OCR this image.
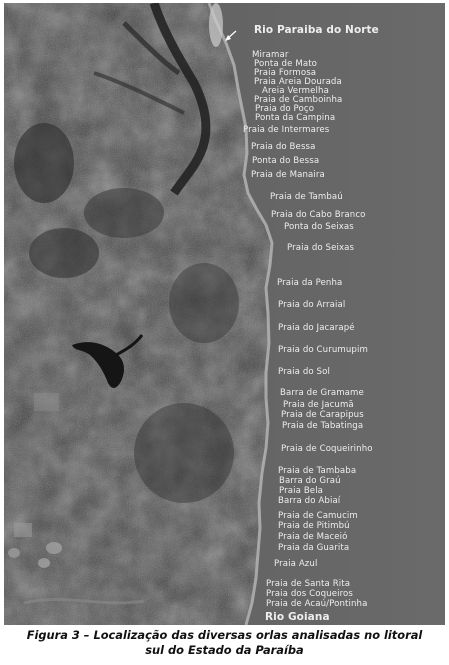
Rio Paraiba do Norte
Miramar
Ponta de Mato
Praia Formosa
Praia Areia Dourada
Areia Vermelha
Praia de Camboinha
Praia do Poço
Ponta da Campina
Praia de Intermares
Praia do Bessa
Ponta do Bessa
Praia de Manaira
Praia de Tambaú
Praia do Cabo Branco
Ponta do Seixas
Praia do Seixas
Praia da Penha
Praia do Arraial
Praia do Jacarapé
Praia do Curumupim
Praia do Sol
Barra de Gramame
Praia de Jacumã
Praia de Carapipus
Praia de Tabatinga
Praia de Coqueirinho
Praia de Tambaba
Barra do Graú
Praia Bela
Barra do Abiaí
Praia de Camucim
Praia de Pitimbú
Praia de Maceió
Praia da Guarita
Praia Azul
Praia de Santa Rita
Praia dos Coqueiros
Praia de Acaú/Pontinha
Rio Goiana
Figura 3 – Localização das diversas orlas analisadas no litoral
sul do Estado da Paraíba
